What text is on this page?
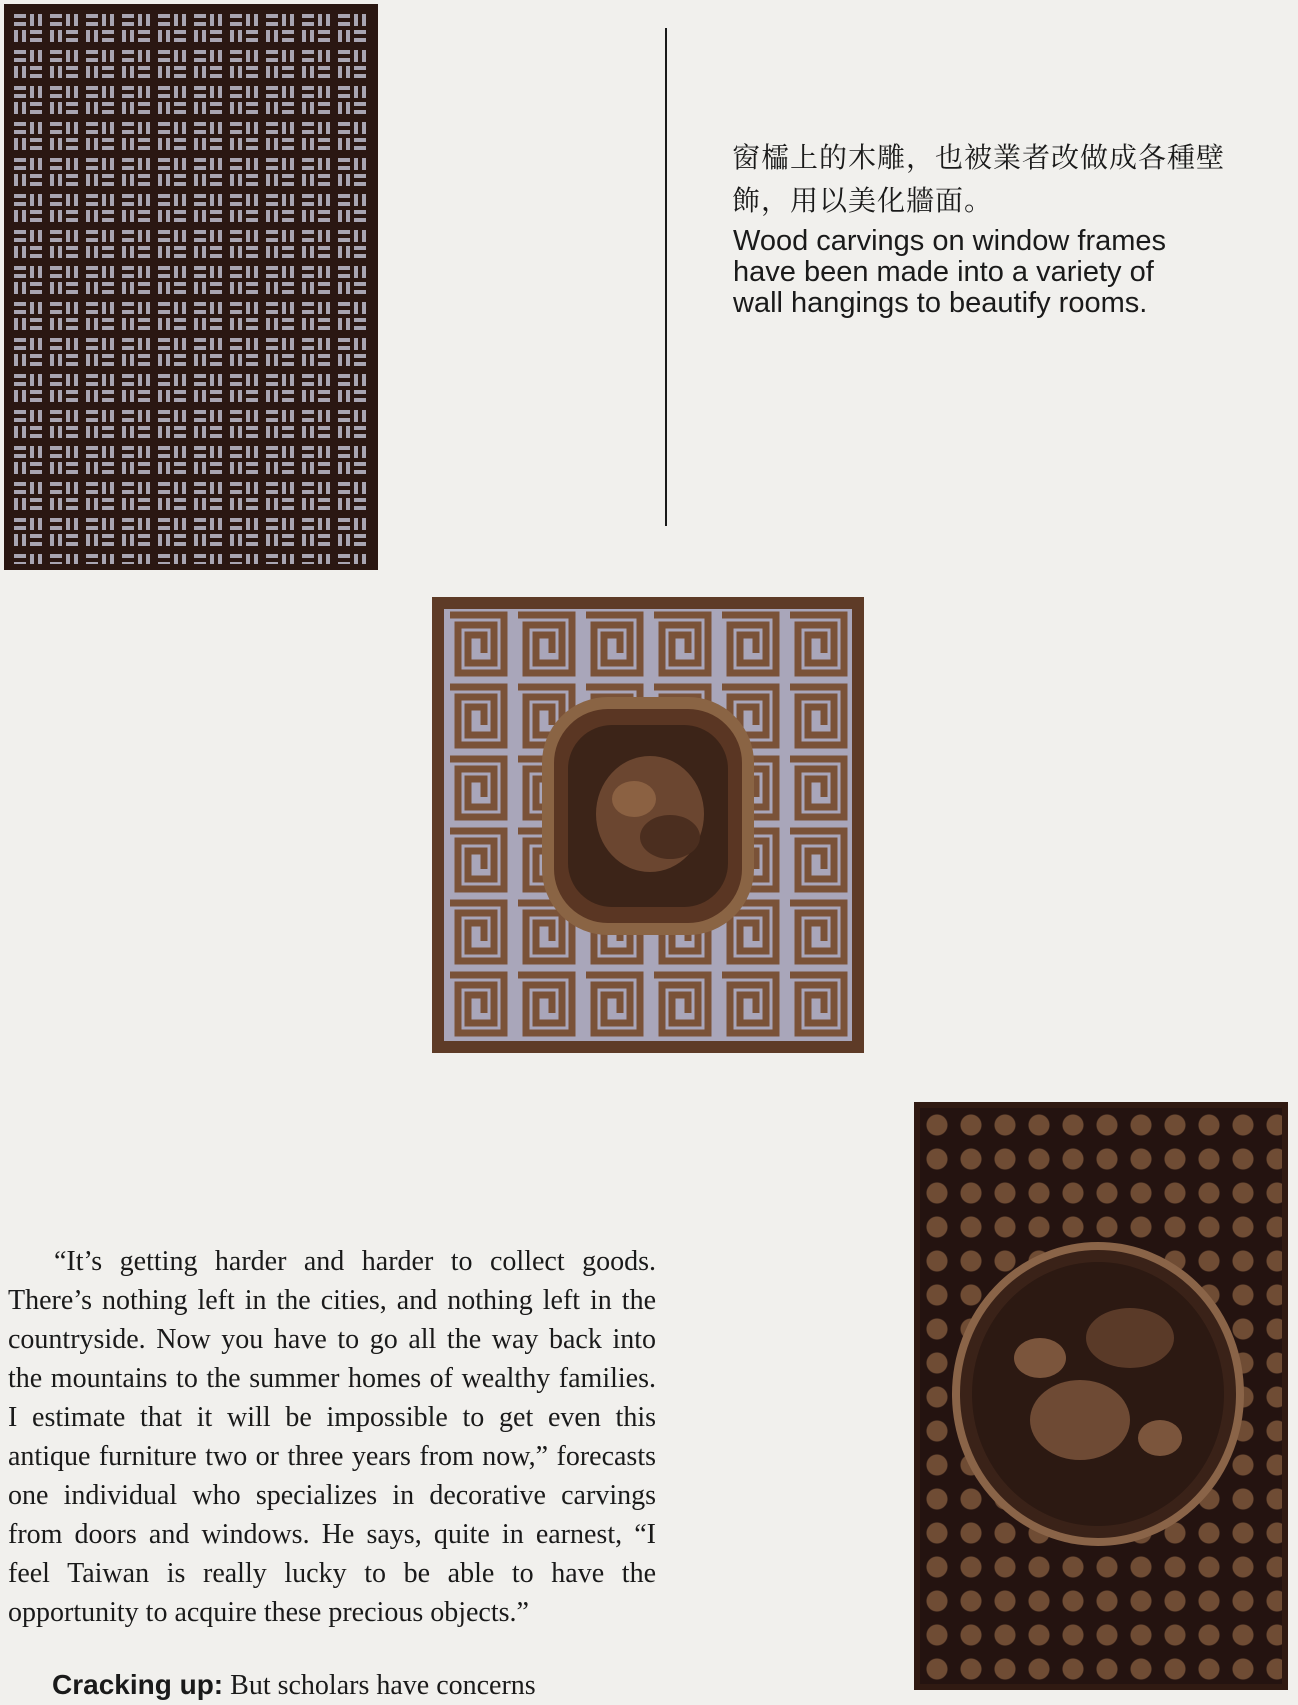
窗櫺上的木雕，也被業者改做成各種壁飾，用以美化牆面。

Wood carvings on window frames have been made into a variety of wall hangings to beautify rooms.

“It’s getting harder and harder to collect goods. There’s nothing left in the cities, and nothing left in the countryside. Now you have to go all the way back into the mountains to the summer homes of wealthy families. I estimate that it will be impossible to get even this antique furniture two or three years from now,” forecasts one individual who specializes in decorative carvings from doors and windows. He says, quite in earnest, “I feel Taiwan is really lucky to be able to have the opportunity to acquire these precious objects.”

Cracking up: But scholars have concerns
